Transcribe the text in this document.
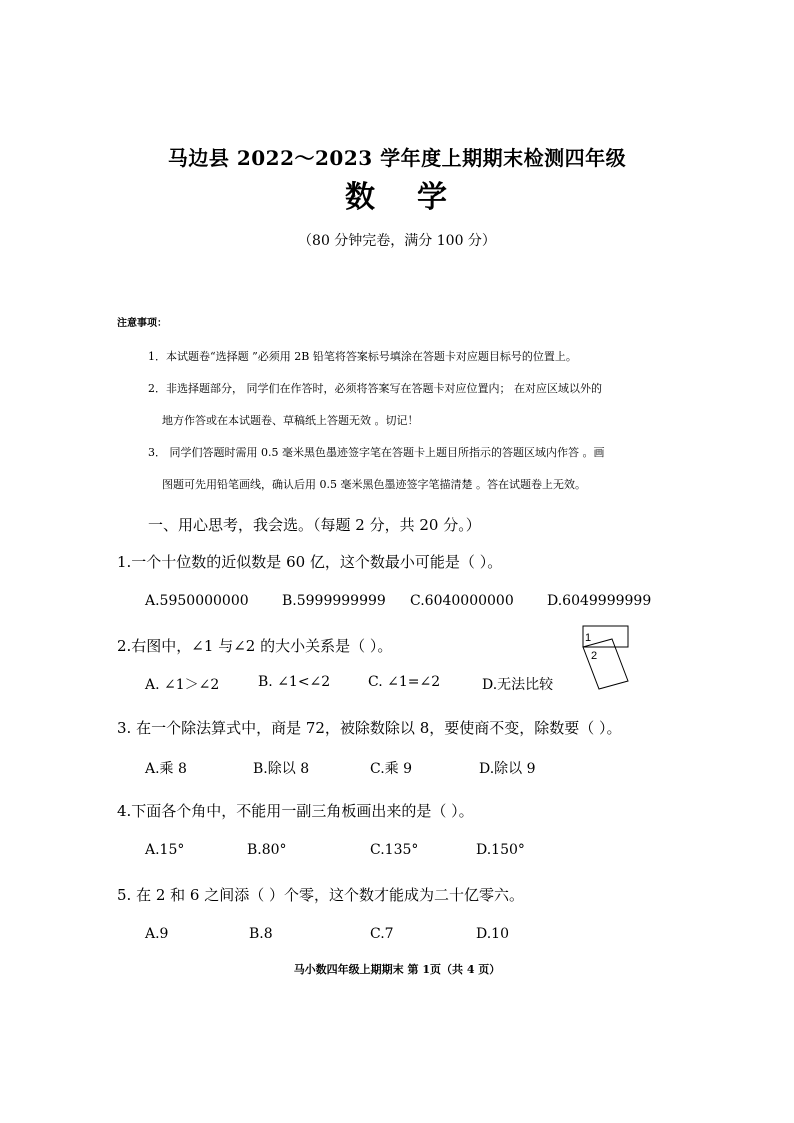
马边县 2022～2023 学年度上期期末检测四年级
数 学
（80 分钟完卷，满分 100 分）
注意事项：
1．本试题卷“选择题 ”必须用 2B 铅笔将答案标号填涂在答题卡对应题目标号的位置上。
2．非选择题部分， 同学们在作答时，必须将答案写在答题卡对应位置内； 在对应区域以外的
地方作答或在本试题卷、草稿纸上答题无效 。切记！
3． 同学们答题时需用 0.5 毫米黑色墨迹签字笔在答题卡上题目所指示的答题区域内作答 。画
图题可先用铅笔画线，确认后用 0.5 毫米黑色墨迹签字笔描清楚 。答在试题卷上无效。
一、用心思考，我会选。（每题 2 分，共 20 分。）
1.一个十位数的近似数是 60 亿，这个数最小可能是（ ）。
A.5950000000 B.5999999999 C.6040000000 D.6049999999
2.右图中，∠1 与∠2 的大小关系是（ ）。
A. ∠1＞∠2	B. ∠1<∠2	C. ∠1=∠2	D.无法比较
1
2
3. 在一个除法算式中，商是 72，被除数除以 8，要使商不变，除数要（ ）。
A.乘 8	B.除以 8	C.乘 9	D.除以 9
4.下面各个角中，不能用一副三角板画出来的是（ ）。
A.15°	B.80°	C.135°	D.150°
5. 在 2 和 6 之间添（ ）个零，这个数才能成为二十亿零六。
A.9	B.8	C.7	D.10
马小数四年级上期期末 第 1页（共 4 页）
